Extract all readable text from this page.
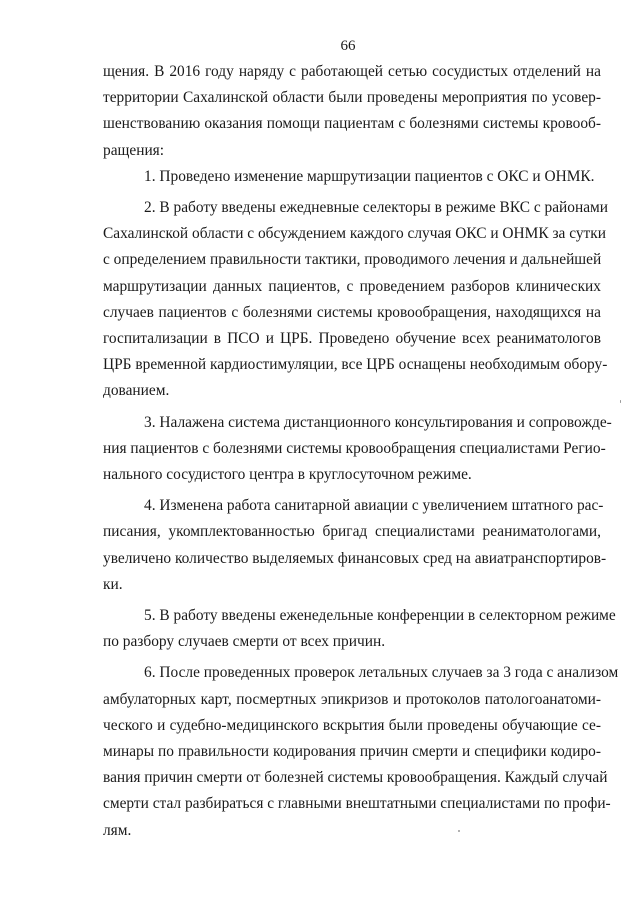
66
щения. В 2016 году наряду с работающей сетью сосудистых отделений на
территории Сахалинской области были проведены мероприятия по усовер-
шенствованию оказания помощи пациентам с болезнями системы кровооб-
ращения:
1. Проведено изменение маршрутизации пациентов с ОКС и ОНМК.
2. В работу введены ежедневные селекторы в режиме ВКС с районами
Сахалинской области с обсуждением каждого случая ОКС и ОНМК за сутки
с определением правильности тактики, проводимого лечения и дальнейшей
маршрутизации данных пациентов, с проведением разборов клинических
случаев пациентов с болезнями системы кровообращения, находящихся на
госпитализации в ПСО и ЦРБ. Проведено обучение всех реаниматологов
ЦРБ временной кардиостимуляции, все ЦРБ оснащены необходимым обору-
дованием.
3. Налажена система дистанционного консультирования и сопровожде-
ния пациентов с болезнями системы кровообращения специалистами Регио-
нального сосудистого центра в круглосуточном режиме.
4. Изменена работа санитарной авиации с увеличением штатного рас-
писания, укомплектованностью бригад специалистами реаниматологами,
увеличено количество выделяемых финансовых сред на авиатранспортиров-
ки.
5. В работу введены еженедельные конференции в селекторном режиме
по разбору случаев смерти от всех причин.
6. После проведенных проверок летальных случаев за 3 года с анализом
амбулаторных карт, посмертных эпикризов и протоколов патологоанатоми-
ческого и судебно-медицинского вскрытия были проведены обучающие се-
минары по правильности кодирования причин смерти и специфики кодиро-
вания причин смерти от болезней системы кровообращения. Каждый случай
смерти стал разбираться с главными внештатными специалистами по профи-
лям.
